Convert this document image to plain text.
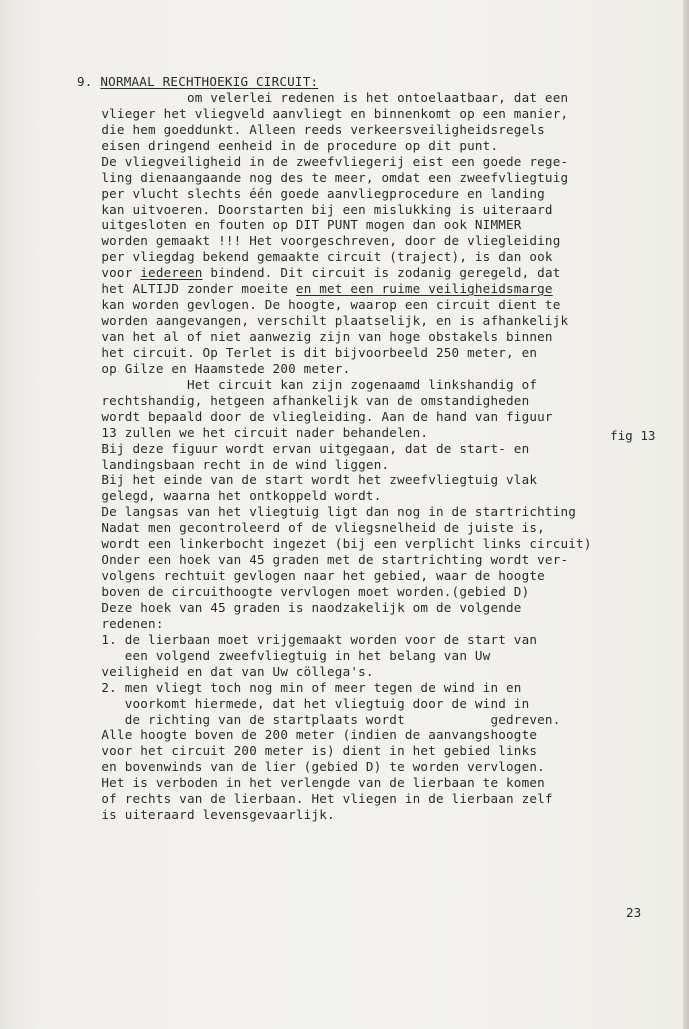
9. NORMAAL RECHTHOEKIG CIRCUIT:
om velerlei redenen is het ontoelaatbaar, dat een
vlieger het vliegveld aanvliegt en binnenkomt op een manier,
die hem goeddunkt. Alleen reeds verkeersveiligheidsregels
eisen dringend eenheid in de procedure op dit punt.
De vliegveiligheid in de zweefvliegerij eist een goede rege-
ling dienaangaande nog des te meer, omdat een zweefvliegtuig
per vlucht slechts één goede aanvliegprocedure en landing
kan uitvoeren. Doorstarten bij een mislukking is uiteraard
uitgesloten en fouten op DIT PUNT mogen dan ook NIMMER
worden gemaakt !!! Het voorgeschreven, door de vliegleiding
per vliegdag bekend gemaakte circuit (traject), is dan ook
voor iedereen bindend. Dit circuit is zodanig geregeld, dat
het ALTIJD zonder moeite en met een ruime veiligheidsmarge
kan worden gevlogen. De hoogte, waarop een circuit dient te
worden aangevangen, verschilt plaatselijk, en is afhankelijk
van het al of niet aanwezig zijn van hoge obstakels binnen
het circuit. Op Terlet is dit bijvoorbeeld 250 meter, en
op Gilze en Haamstede 200 meter.
Het circuit kan zijn zogenaamd linkshandig of
rechtshandig, hetgeen afhankelijk van de omstandigheden
wordt bepaald door de vliegleiding. Aan de hand van figuur
13 zullen we het circuit nader behandelen.
Bij deze figuur wordt ervan uitgegaan, dat de start- en
landingsbaan recht in de wind liggen.
Bij het einde van de start wordt het zweefvliegtuig vlak
gelegd, waarna het ontkoppeld wordt.
De langsas van het vliegtuig ligt dan nog in de startrichting
Nadat men gecontroleerd of de vliegsnelheid de juiste is,
wordt een linkerbocht ingezet (bij een verplicht links circuit)
Onder een hoek van 45 graden met de startrichting wordt ver-
volgens rechtuit gevlogen naar het gebied, waar de hoogte
boven de circuithoogte vervlogen moet worden.(gebied D)
Deze hoek van 45 graden is naodzakelijk om de volgende
redenen:
1. de lierbaan moet vrijgemaakt worden voor de start van
een volgend zweefvliegtuig in het belang van Uw
veiligheid en dat van Uw cöllega's.
2. men vliegt toch nog min of meer tegen de wind in en
voorkomt hiermede, dat het vliegtuig door de wind in
de richting van de startplaats wordt           gedreven.
Alle hoogte boven de 200 meter (indien de aanvangshoogte
voor het circuit 200 meter is) dient in het gebied links
en bovenwinds van de lier (gebied D) te worden vervlogen.
Het is verboden in het verlengde van de lierbaan te komen
of rechts van de lierbaan. Het vliegen in de lierbaan zelf
is uiteraard levensgevaarlijk.
fig 13
23
